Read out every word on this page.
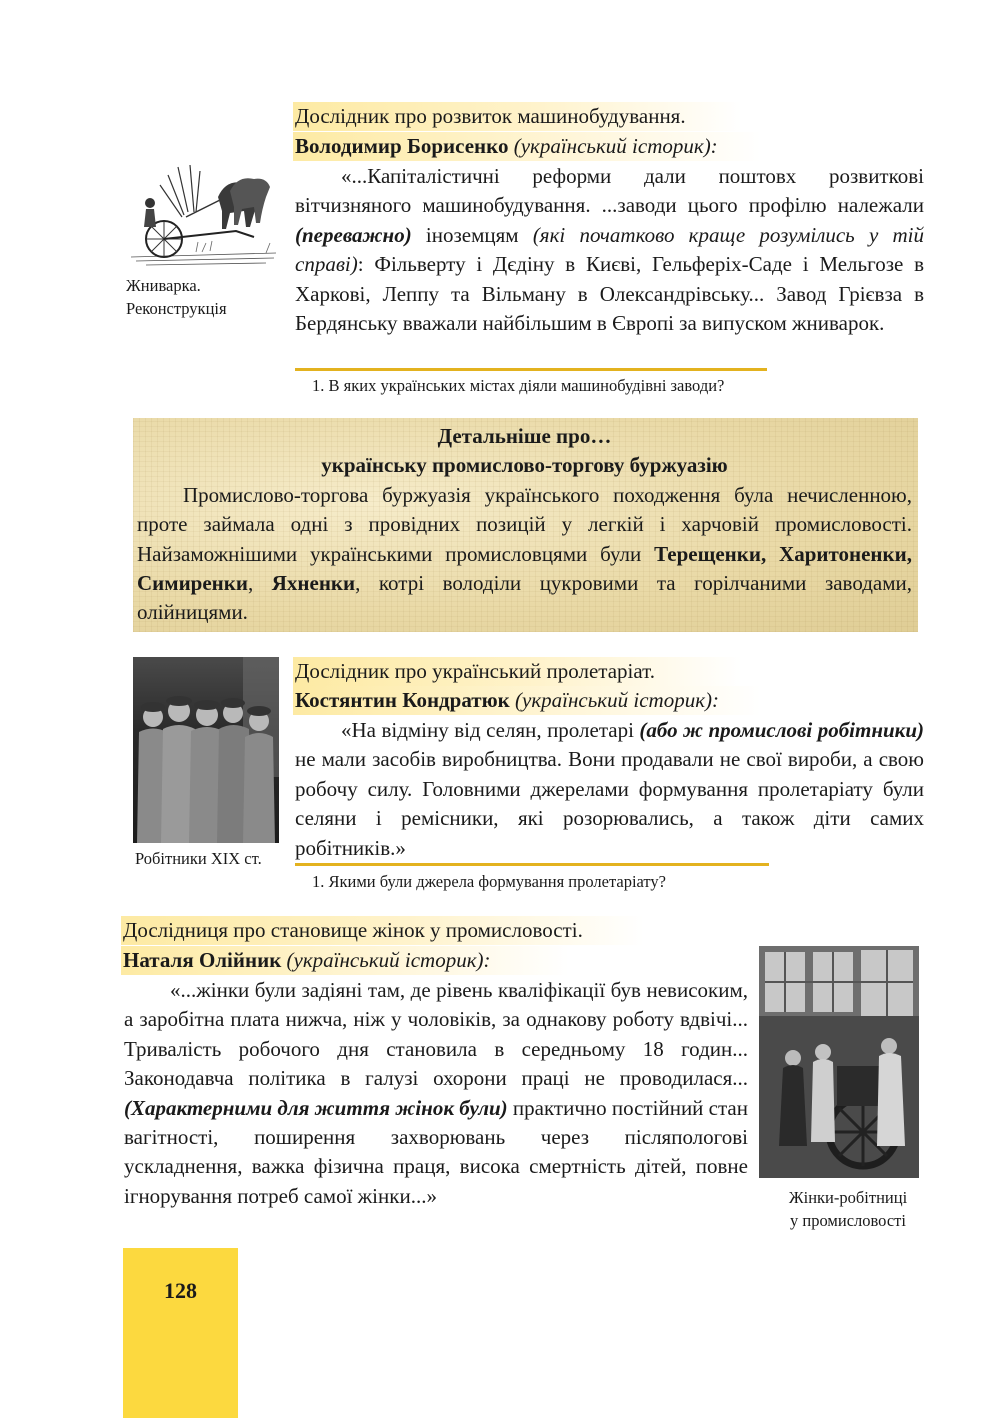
Жниварка.
Реконструкція
Дослідник про розвиток машинобудування.
Володимир Борисенко (український історик):

«...Капіталістичні реформи дали поштовх розвиткові вітчизняного машинобудування. ...заводи цього профілю належали (переважно) іноземцям (які початково краще розумілись у тій справі): Фільверту і Дєдіну в Києві, Гельферіх-Саде і Мельгозе в Харкові, Леппу та Вільману в Олександрівську... Завод Грієвза в Бердянську вважали найбільшим в Європі за випуском жниварок.

1. В яких українських містах діяли машинобудівні заводи?
Детальніше про…
українську промислово-торгову буржуазію

Промислово-торгова буржуазія українського походження була нечисленною, проте займала одні з провідних позицій у легкій і харчовій промисловості. Найзаможнішими українськими промисловцями були Терещенки, Харитоненки, Симиренки, Яхненки, котрі володіли цукровими та горілчаними заводами, олійницями.

Робітники XIX ст.
Дослідник про український пролетаріат.
Костянтин Кондратюк (український історик):

«На відміну від селян, пролетарі (або ж промислові робітники) не мали засобів виробництва. Вони продавали не свої вироби, а свою робочу силу. Головними джерелами формування пролетаріату були селяни і ремісники, які розорювались, а також діти самих робітників.»

1. Якими були джерела формування пролетаріату?
Дослідниця про становище жінок у промисловості.
Наталя Олійник (український історик):

«...жінки були задіяні там, де рівень кваліфікації був невисоким, а заробітна плата нижча, ніж у чоловіків, за однакову роботу вдвічі... Тривалість робочого дня становила в середньому 18 годин... Законодавча політика в галузі охорони праці не проводилася... (Характерними для життя жінок були) практично постійний стан вагітності, поширення захворювань через післяпологові ускладнення, важка фізична праця, висока смертність дітей, повне ігнорування потреб самої жінки...»	Жінки-робітниці
у промисловості
128
